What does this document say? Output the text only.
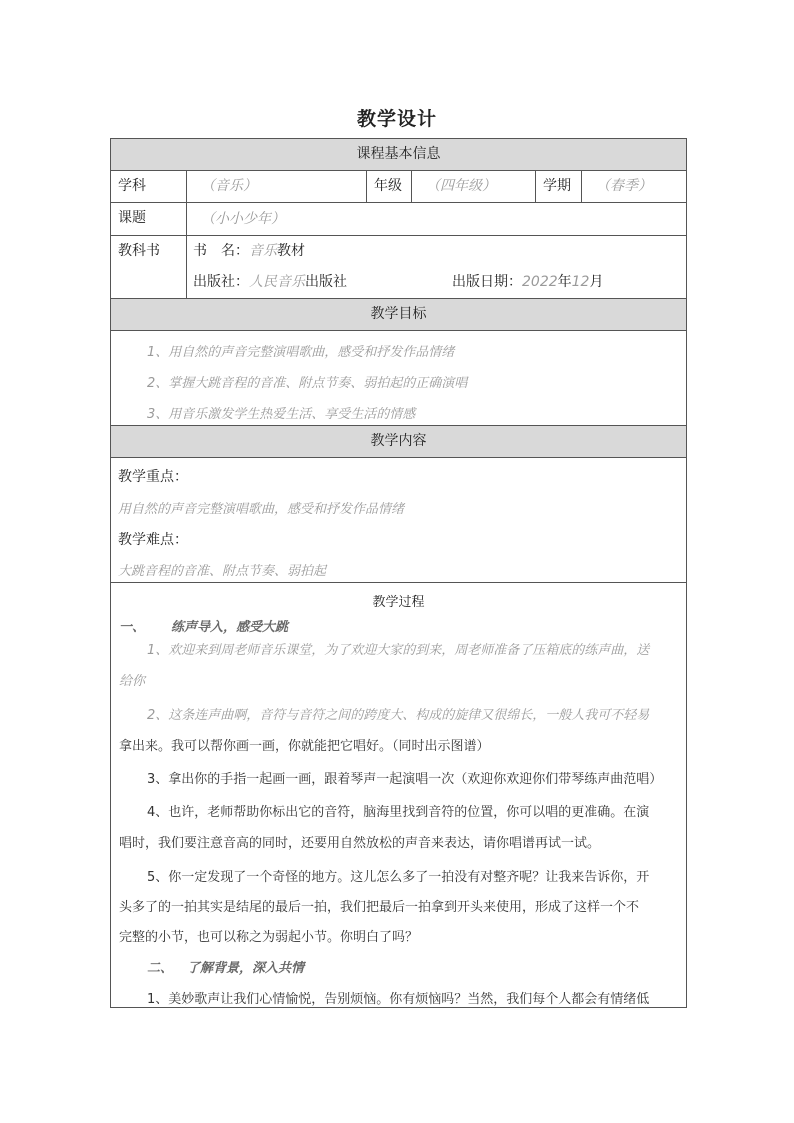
教学设计
课程基本信息
学科	（音乐）	年级	（四年级）	学期	（春季）
课题	（小小少年）
教科书	书　名：音乐教材
出版社：人民音乐出版社	出版日期：2022年12月
教学目标
1、用自然的声音完整演唱歌曲，感受和抒发作品情绪
2、掌握大跳音程的音准、附点节奏、弱拍起的正确演唱
3、用音乐激发学生热爱生活、享受生活的情感
教学内容
教学重点：
用自然的声音完整演唱歌曲，感受和抒发作品情绪
教学难点：
大跳音程的音准、附点节奏、弱拍起
教学过程
一、 练声导入，感受大跳
1、欢迎来到周老师音乐课堂，为了欢迎大家的到来，周老师准备了压箱底的练声曲，送
给你
2、这条连声曲啊，音符与音符之间的跨度大、构成的旋律又很绵长，一般人我可不轻易
拿出来。我可以帮你画一画，你就能把它唱好。（同时出示图谱）
3、拿出你的手指一起画一画，跟着琴声一起演唱一次（欢迎你欢迎你们带琴练声曲范唱）
4、也许，老师帮助你标出它的音符，脑海里找到音符的位置，你可以唱的更准确。在演
唱时，我们要注意音高的同时，还要用自然放松的声音来表达，请你唱谱再试一试。
5、你一定发现了一个奇怪的地方。这儿怎么多了一拍没有对整齐呢？让我来告诉你，开
头多了的一拍其实是结尾的最后一拍，我们把最后一拍拿到开头来使用，形成了这样一个不
完整的小节，也可以称之为弱起小节。你明白了吗？
二、 了解背景，深入共情
1、美妙歌声让我们心情愉悦，告别烦恼。你有烦恼吗？当然，我们每个人都会有情绪低
